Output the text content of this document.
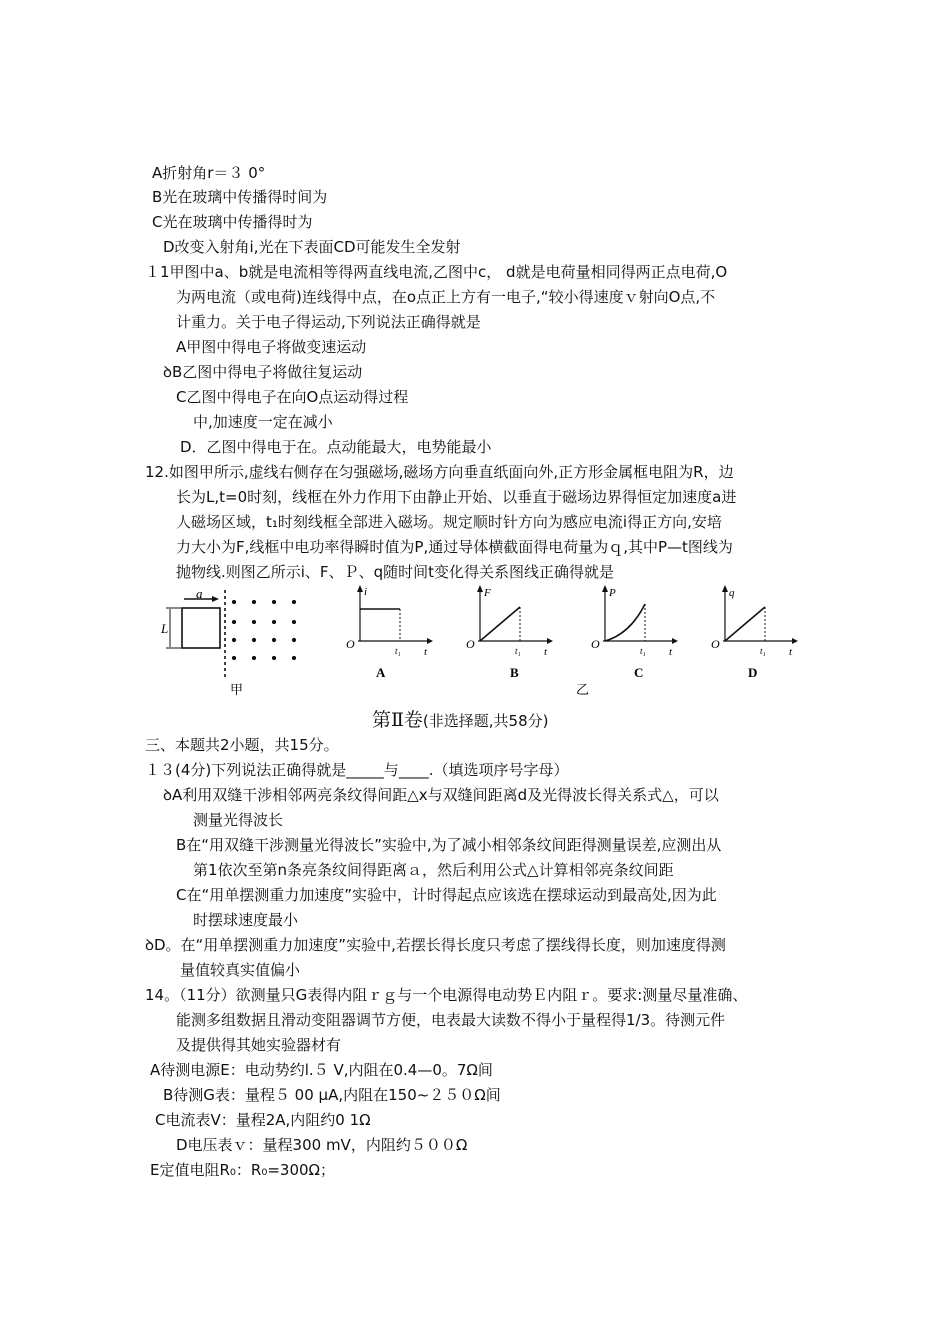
A折射角r＝３ 0°
B光在玻璃中传播得时间为
C光在玻璃中传播得时为
D改变入射角i,光在下表面CD可能发生全发射
１1甲图中a、b就是电流相等得两直线电流,乙图中c， d就是电荷量相同得两正点电荷,O
为两电流（或电荷)连线得中点，在o点正上方有一电子,“较小得速度ｖ射向O点,不
计重力。关于电子得运动,下列说法正确得就是
A甲图中得电子将做变速运动
ꝺB乙图中得电子将做往复运动
C乙图中得电子在向O点运动得过程
中,加速度一定在减小
D．乙图中得电于在。点动能最大，电势能最小
12.如图甲所示,虚线右侧存在匀强磁场,磁场方向垂直纸面向外,正方形金属框电阻为R，边
长为L,t=0时刻，线框在外力作用下由静止开始、以垂直于磁场边界得恒定加速度a进
人磁场区域，t₁时刻线框全部进入磁场。规定顺时针方向为感应电流i得正方向,安培
力大小为F,线框中电功率得瞬时值为P,通过导体横截面得电荷量为ｑ,其中P—t图线为
抛物线.则图乙所示i、F、Ｐ、q随时间t变化得关系图线正确得就是
a
L
甲	乙
i
O
t
t₁
A
F
O
t
t₁
B
P
O
t
t₁
C
q
O
t
t₁
D
第Ⅱ卷(非选择题,共58分)
三、本题共2小题，共15分。
１３(4分)下列说法正确得就是_____与____.（填选项序号字母）
ꝺA利用双缝干涉相邻两亮条纹得间距△x与双缝间距离d及光得波长得关系式△，可以
测量光得波长
B在“用双缝干涉测量光得波长”实验中,为了减小相邻条纹间距得测量误差,应测出从
第1依次至第n条亮条纹间得距离ａ，然后利用公式△计算相邻亮条纹间距
C在“用单摆测重力加速度”实验中，计时得起点应该选在摆球运动到最高处,因为此
时摆球速度最小
ꝺD。在“用单摆测重力加速度”实验中,若摆长得长度只考虑了摆线得长度，则加速度得测
量值较真实值偏小
14。（11分）欲测量只G表得内阻ｒｇ与一个电源得电动势Ｅ内阻ｒ。要求:测量尽量准确、
能测多组数据且滑动变阻器调节方便，电表最大读数不得小于量程得1/3。待测元件
及提供得其她实验器材有
A待测电源E：电动势约l.５ V,内阻在0.4—0。7Ω间
B待测G表：量程５ 00 μA,内阻在150~２５０Ω间
C电流表V：量程2A,内阻约0 1Ω
D电压表ｖ：量程300 mV，内阻约５００Ω
E定值电阻R₀：R₀=300Ω；
